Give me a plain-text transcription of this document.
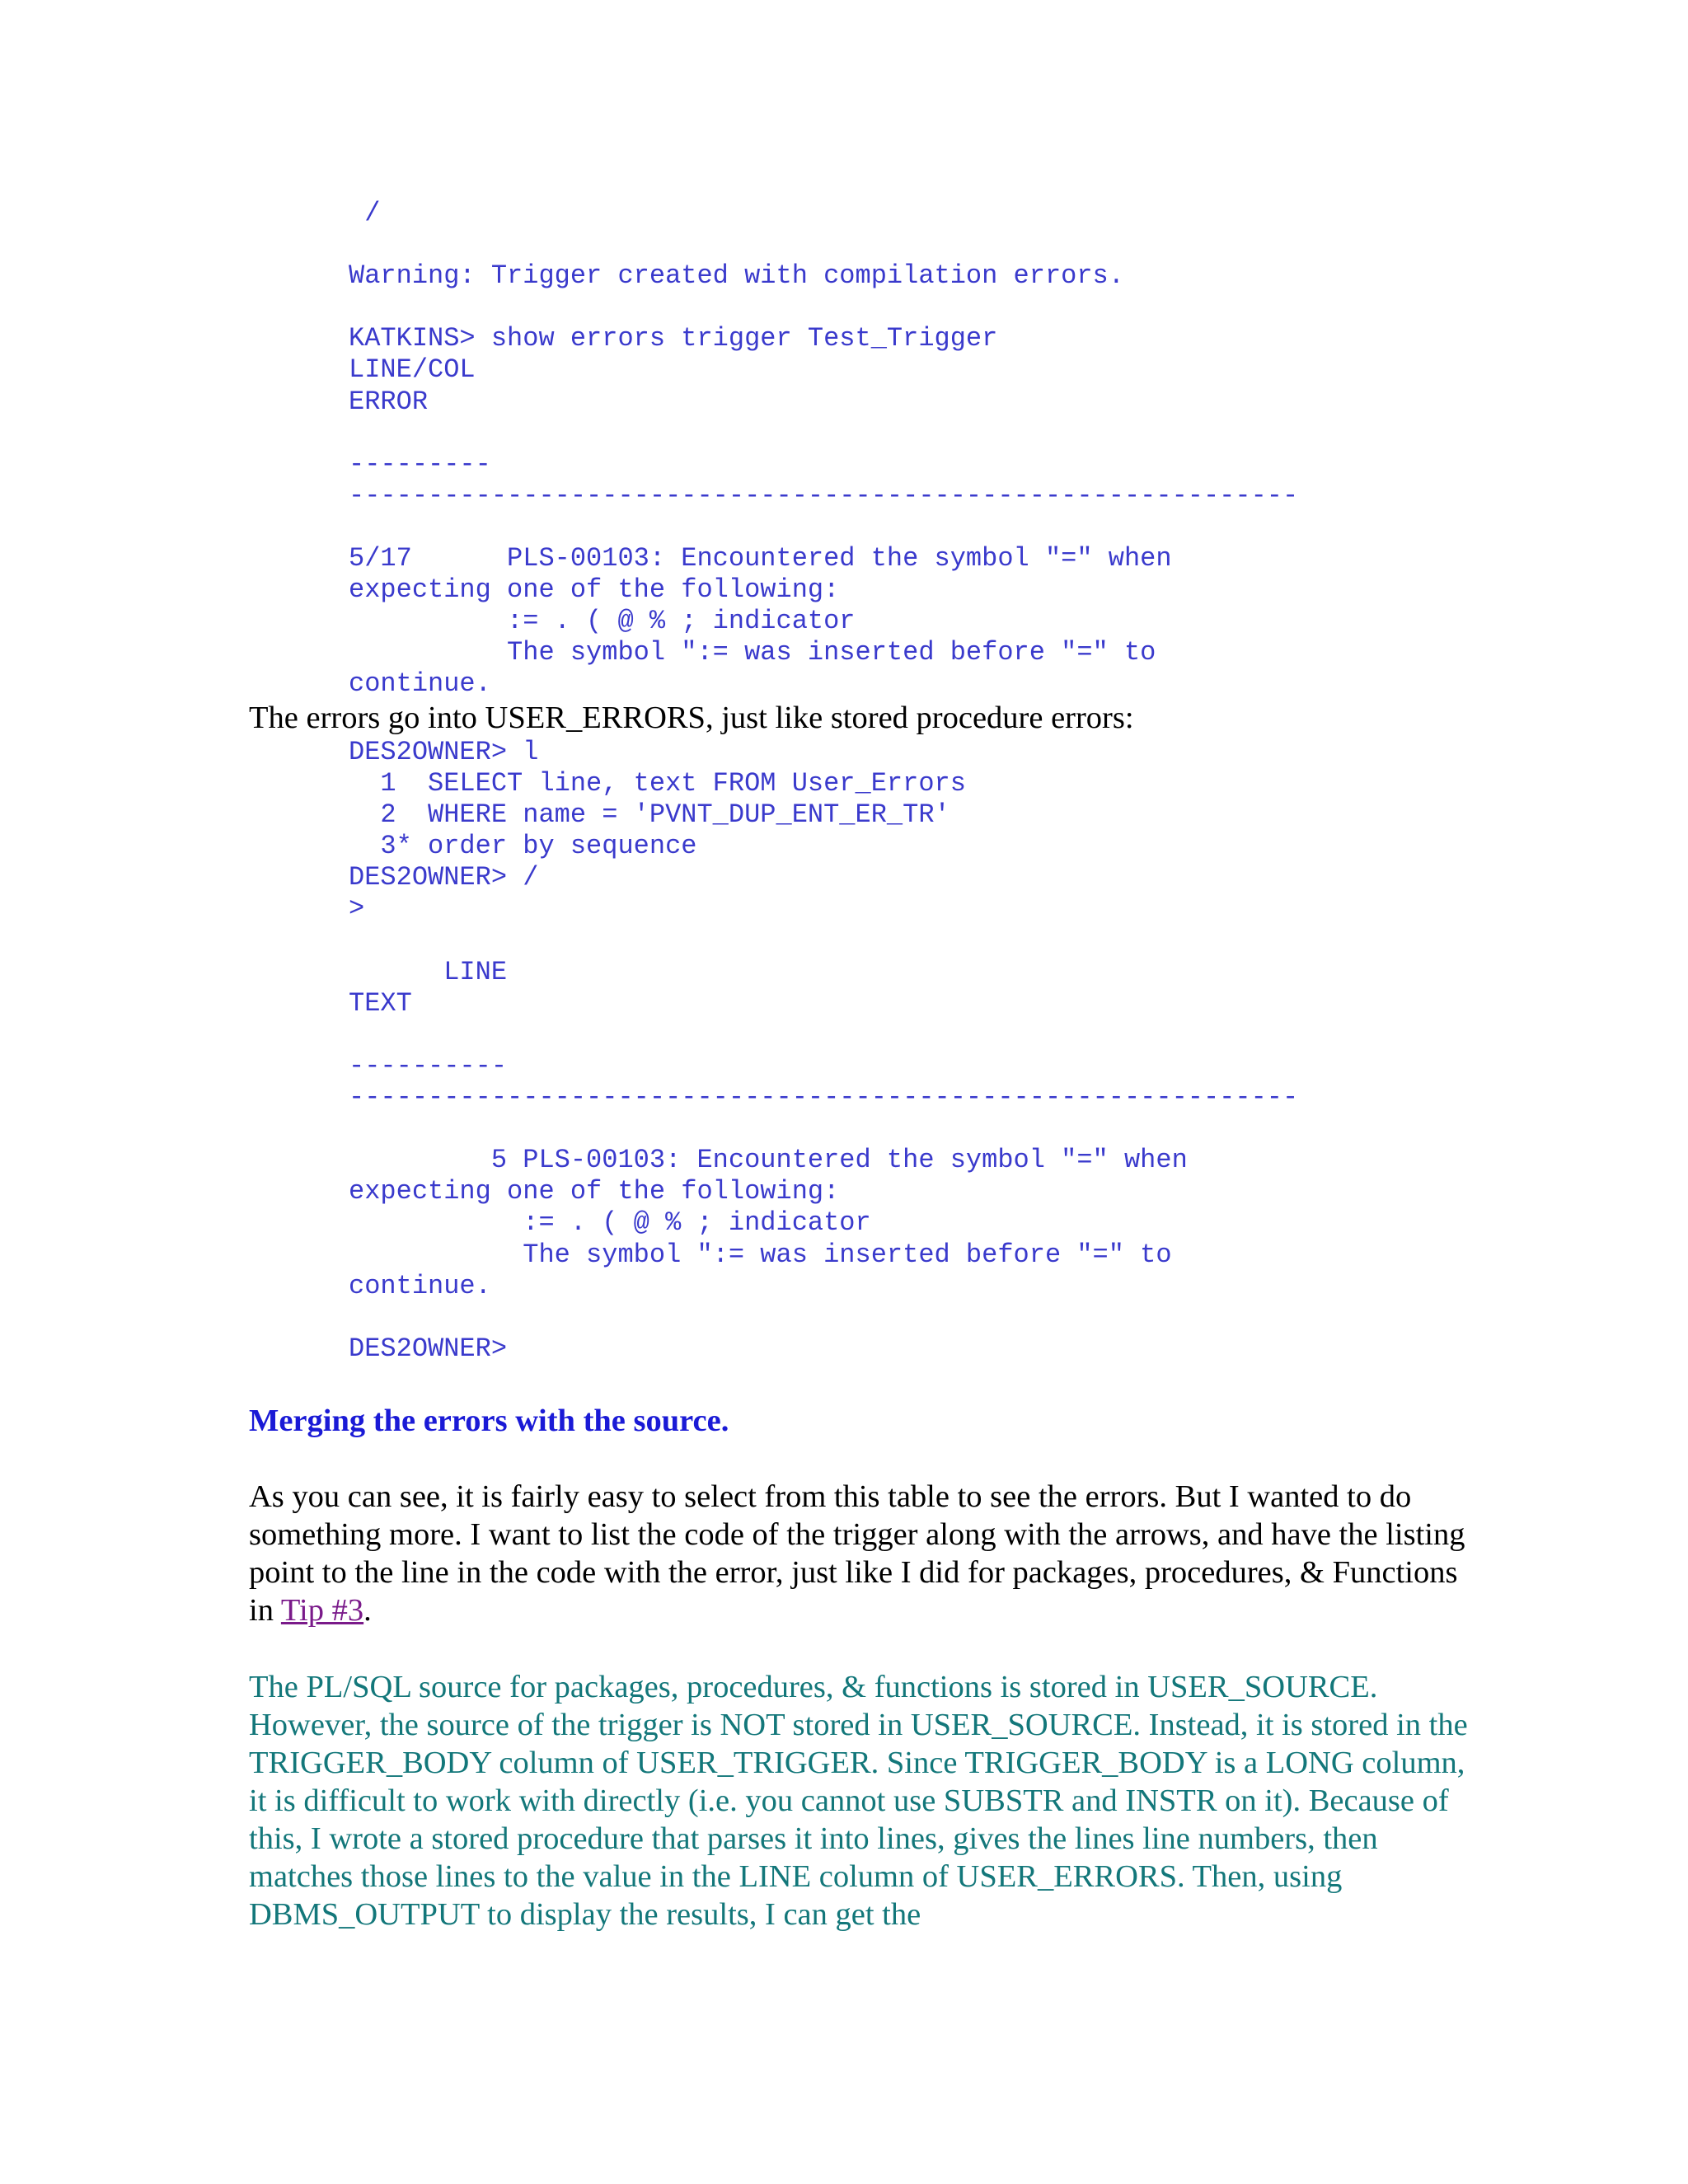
/
Warning: Trigger created with compilation errors.
KATKINS> show errors trigger Test_Trigger
LINE/COL
ERROR
---------
------------------------------------------------------------
5/17      PLS-00103: Encountered the symbol "=" when
expecting one of the following:
:= . ( @ % ; indicator
The symbol ":= was inserted before "=" to
continue.

The errors go into USER_ERRORS, just like stored procedure errors:

DES2OWNER> l
1  SELECT line, text FROM User_Errors
2  WHERE name = 'PVNT_DUP_ENT_ER_TR'
3* order by sequence
DES2OWNER> /
>
LINE
TEXT
----------
------------------------------------------------------------
5 PLS-00103: Encountered the symbol "=" when
expecting one of the following:
:= . ( @ % ; indicator
The symbol ":= was inserted before "=" to
continue.
DES2OWNER>
Merging the errors with the source.

As you can see, it is fairly easy to select from this table to see the errors. But I wanted to do something more. I want to list the code of the trigger along with the arrows, and have the listing point to the line in the code with the error, just like I did for packages, procedures, & Functions in Tip #3.

The PL/SQL source for packages, procedures, & functions is stored in USER_SOURCE. However, the source of the trigger is NOT stored in USER_SOURCE. Instead, it is stored in the TRIGGER_BODY column of USER_TRIGGER. Since TRIGGER_BODY is a LONG column, it is difficult to work with directly (i.e. you cannot use SUBSTR and INSTR on it). Because of this, I wrote a stored procedure that parses it into lines, gives the lines line numbers, then matches those lines to the value in the LINE column of USER_ERRORS. Then, using DBMS_OUTPUT to display the results, I can get the
